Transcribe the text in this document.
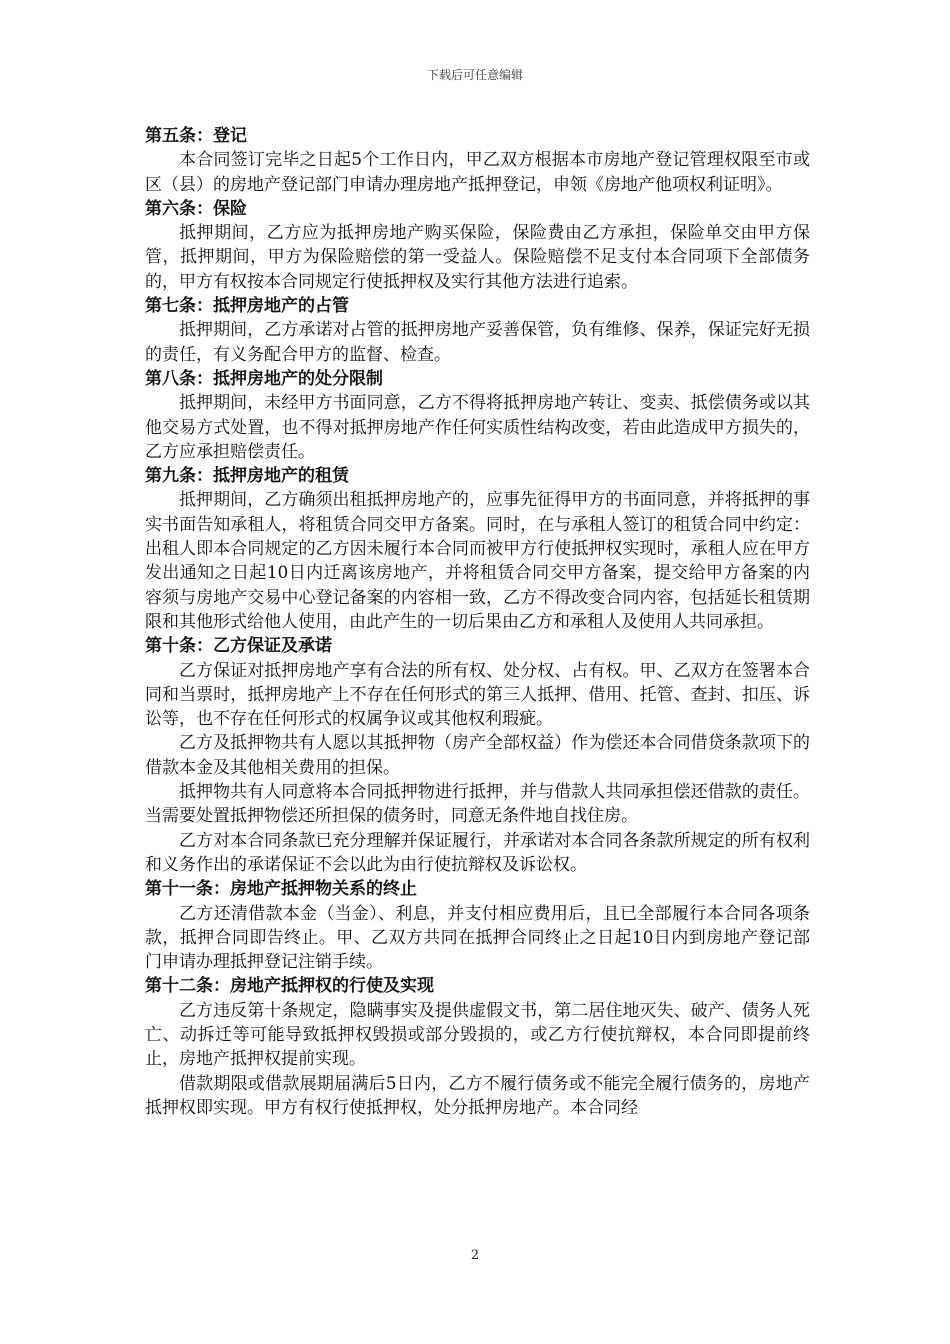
下载后可任意编辑
第五条：登记

本合同签订完毕之日起5个工作日内，甲乙双方根据本市房地产登记管理权限至市或区（县）的房地产登记部门申请办理房地产抵押登记，申领《房地产他项权利证明》。

第六条：保险

抵押期间，乙方应为抵押房地产购买保险，保险费由乙方承担，保险单交由甲方保管，抵押期间，甲方为保险赔偿的第一受益人。保险赔偿不足支付本合同项下全部债务的，甲方有权按本合同规定行使抵押权及实行其他方法进行追索。

第七条：抵押房地产的占管

抵押期间，乙方承诺对占管的抵押房地产妥善保管，负有维修、保养，保证完好无损的责任，有义务配合甲方的监督、检查。

第八条：抵押房地产的处分限制

抵押期间，未经甲方书面同意，乙方不得将抵押房地产转让、变卖、抵偿债务或以其他交易方式处置，也不得对抵押房地产作任何实质性结构改变，若由此造成甲方损失的，乙方应承担赔偿责任。

第九条：抵押房地产的租赁

抵押期间，乙方确须出租抵押房地产的，应事先征得甲方的书面同意，并将抵押的事实书面告知承租人，将租赁合同交甲方备案。同时，在与承租人签订的租赁合同中约定：出租人即本合同规定的乙方因未履行本合同而被甲方行使抵押权实现时，承租人应在甲方发出通知之日起10日内迁离该房地产，并将租赁合同交甲方备案，提交给甲方备案的内容须与房地产交易中心登记备案的内容相一致，乙方不得改变合同内容，包括延长租赁期限和其他形式给他人使用，由此产生的一切后果由乙方和承租人及使用人共同承担。

第十条：乙方保证及承诺

乙方保证对抵押房地产享有合法的所有权、处分权、占有权。甲、乙双方在签署本合同和当票时，抵押房地产上不存在任何形式的第三人抵押、借用、托管、查封、扣压、诉讼等，也不存在任何形式的权属争议或其他权利瑕疵。

乙方及抵押物共有人愿以其抵押物（房产全部权益）作为偿还本合同借贷条款项下的借款本金及其他相关费用的担保。

抵押物共有人同意将本合同抵押物进行抵押，并与借款人共同承担偿还借款的责任。当需要处置抵押物偿还所担保的债务时，同意无条件地自找住房。

乙方对本合同条款已充分理解并保证履行，并承诺对本合同各条款所规定的所有权利和义务作出的承诺保证不会以此为由行使抗辩权及诉讼权。

第十一条：房地产抵押物关系的终止

乙方还清借款本金（当金）、利息，并支付相应费用后，且已全部履行本合同各项条款，抵押合同即告终止。甲、乙双方共同在抵押合同终止之日起10日内到房地产登记部门申请办理抵押登记注销手续。

第十二条：房地产抵押权的行使及实现

乙方违反第十条规定，隐瞒事实及提供虚假文书，第二居住地灭失、破产、债务人死亡、动拆迁等可能导致抵押权毁损或部分毁损的，或乙方行使抗辩权，本合同即提前终止，房地产抵押权提前实现。

借款期限或借款展期届满后5日内，乙方不履行债务或不能完全履行债务的，房地产抵押权即实现。甲方有权行使抵押权，处分抵押房地产。本合同经

2
